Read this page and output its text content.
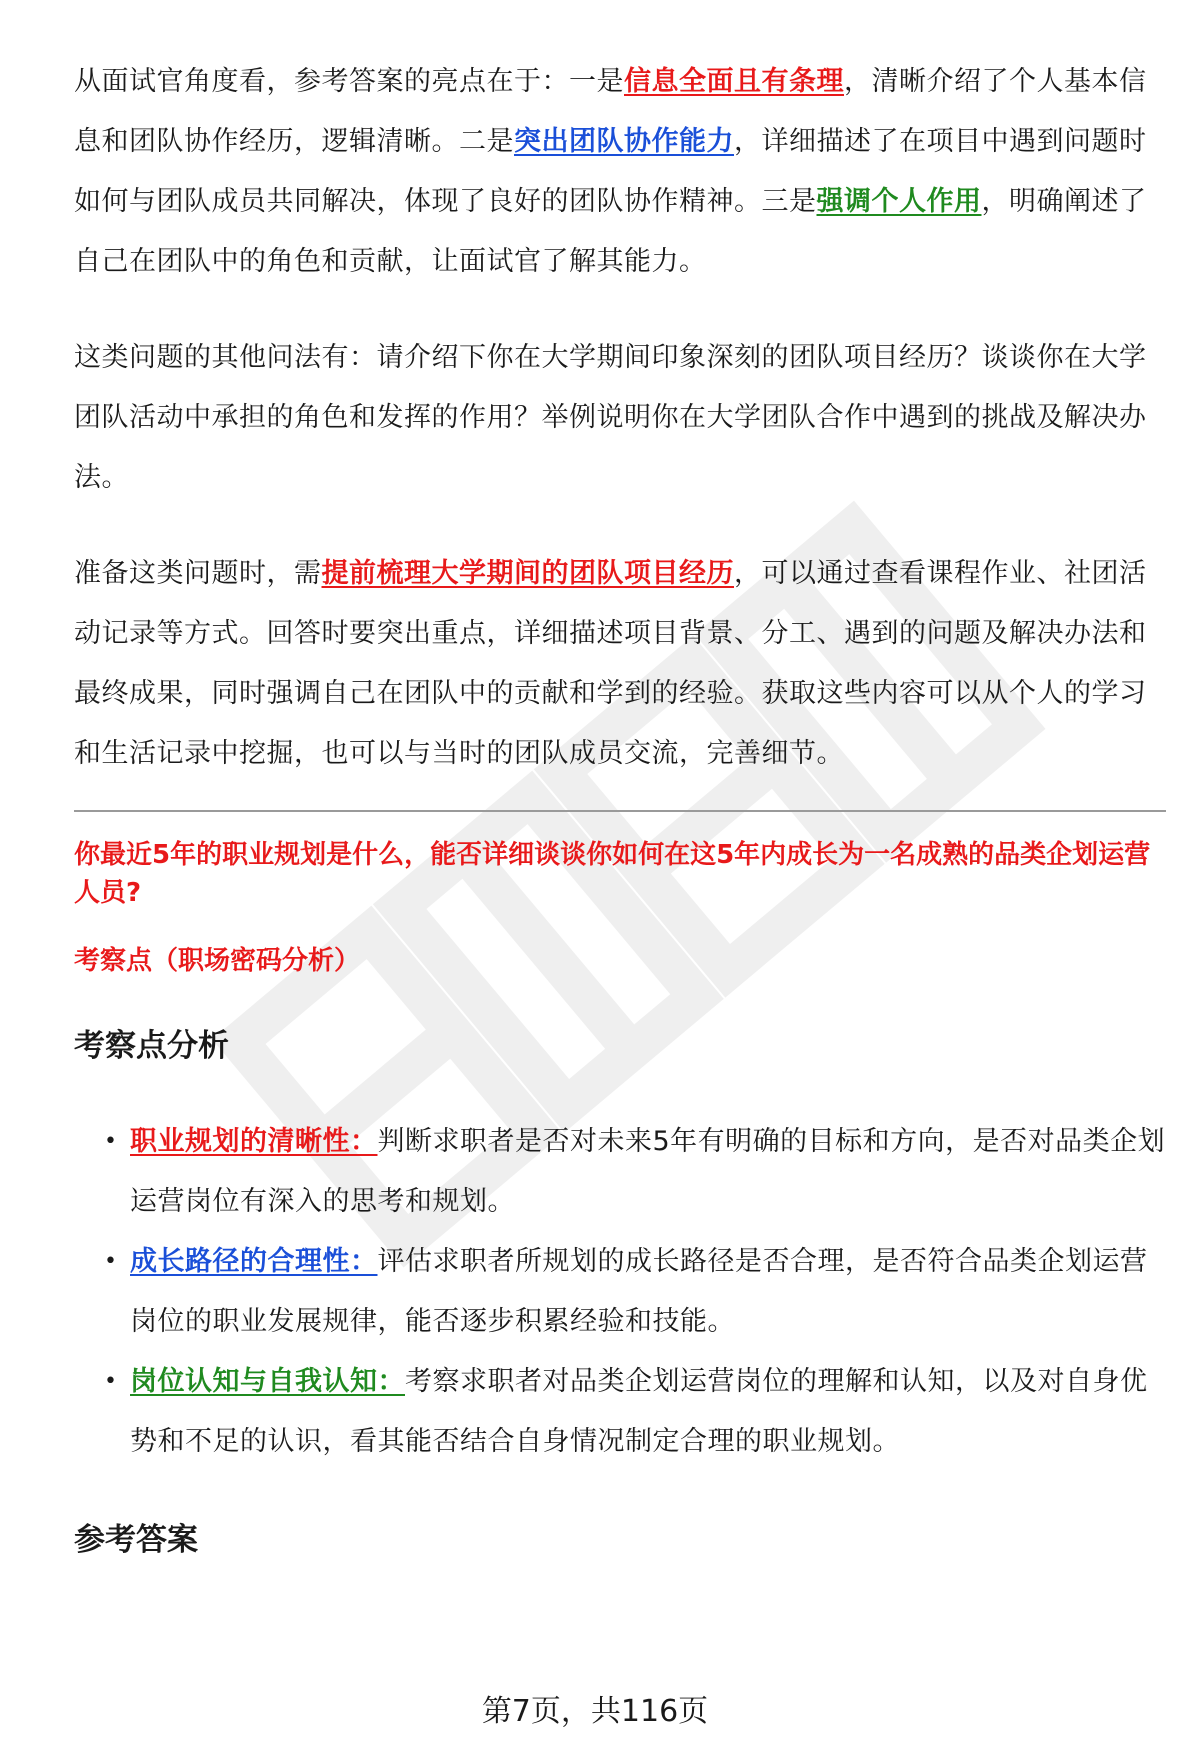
从面试官角度看，参考答案的亮点在于：一是信息全面且有条理，清晰介绍了个人基本信息和团队协作经历，逻辑清晰。二是突出团队协作能力，详细描述了在项目中遇到问题时如何与团队成员共同解决，体现了良好的团队协作精神。三是强调个人作用，明确阐述了自己在团队中的角色和贡献，让面试官了解其能力。

这类问题的其他问法有：请介绍下你在大学期间印象深刻的团队项目经历？谈谈你在大学团队活动中承担的角色和发挥的作用？举例说明你在大学团队合作中遇到的挑战及解决办法。

准备这类问题时，需提前梳理大学期间的团队项目经历，可以通过查看课程作业、社团活动记录等方式。回答时要突出重点，详细描述项目背景、分工、遇到的问题及解决办法和最终成果，同时强调自己在团队中的贡献和学到的经验。获取这些内容可以从个人的学习和生活记录中挖掘，也可以与当时的团队成员交流，完善细节。

你最近5年的职业规划是什么，能否详细谈谈你如何在这5年内成长为一名成熟的品类企划运营人员?
考察点（职场密码分析）
考察点分析
• 职业规划的清晰性：判断求职者是否对未来5年有明确的目标和方向，是否对品类企划运营岗位有深入的思考和规划。
• 成长路径的合理性：评估求职者所规划的成长路径是否合理，是否符合品类企划运营岗位的职业发展规律，能否逐步积累经验和技能。
• 岗位认知与自我认知：考察求职者对品类企划运营岗位的理解和认知，以及对自身优势和不足的认识，看其能否结合自身情况制定合理的职业规划。
参考答案
第7页，共116页
